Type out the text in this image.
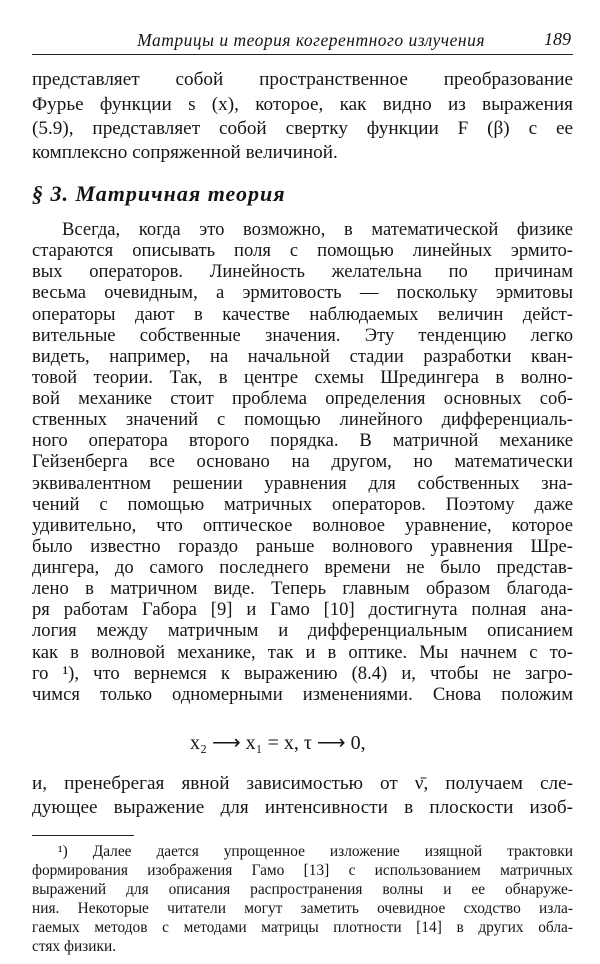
Матрицы и теория когерентного излучения	189
представляет собой пространственное преобразование
Фурье функции s (x), которое, как видно из выражения
(5.9), представляет собой свертку функции F (β) с ее
комплексно сопряженной величиной.
§ 3. Матричная теория
Всегда, когда это возможно, в математической физике
стараются описывать поля с помощью линейных эрмито-
вых операторов. Линейность желательна по причинам
весьма очевидным, а эрмитовость — поскольку эрмитовы
операторы дают в качестве наблюдаемых величин дейст-
вительные собственные значения. Эту тенденцию легко
видеть, например, на начальной стадии разработки кван-
товой теории. Так, в центре схемы Шредингера в волно-
вой механике стоит проблема определения основных соб-
ственных значений с помощью линейного дифференциаль-
ного оператора второго порядка. В матричной механике
Гейзенберга все основано на другом, но математически
эквивалентном решении уравнения для собственных зна-
чений с помощью матричных операторов. Поэтому даже
удивительно, что оптическое волновое уравнение, которое
было известно гораздо раньше волнового уравнения Шре-
дингера, до самого последнего времени не было представ-
лено в матричном виде. Теперь главным образом благода-
ря работам Габора [9] и Гамо [10] достигнута полная ана-
логия между матричным и дифференциальным описанием
как в волновой механике, так и в оптике. Мы начнем с то-
x₂ ⟶ x₁ = x, τ ⟶ 0,
и, пренебрегая явной зависимостью от ν̄, получаем сле-
дующее выражение для интенсивности в плоскости изоб-
¹) Далее дается упрощенное изложение изящной трактовки
формирования изображения Гамо [13] с использованием матричных
выражений для описания распространения волны и ее обнаруже-
ния. Некоторые читатели могут заметить очевидное сходство изла-
гаемых методов с методами матрицы плотности [14] в других обла-
стях физики.
го ¹), что вернемся к выражению (8.4) и, чтобы не загро-
чимся только одномерными изменениями. Снова положим
